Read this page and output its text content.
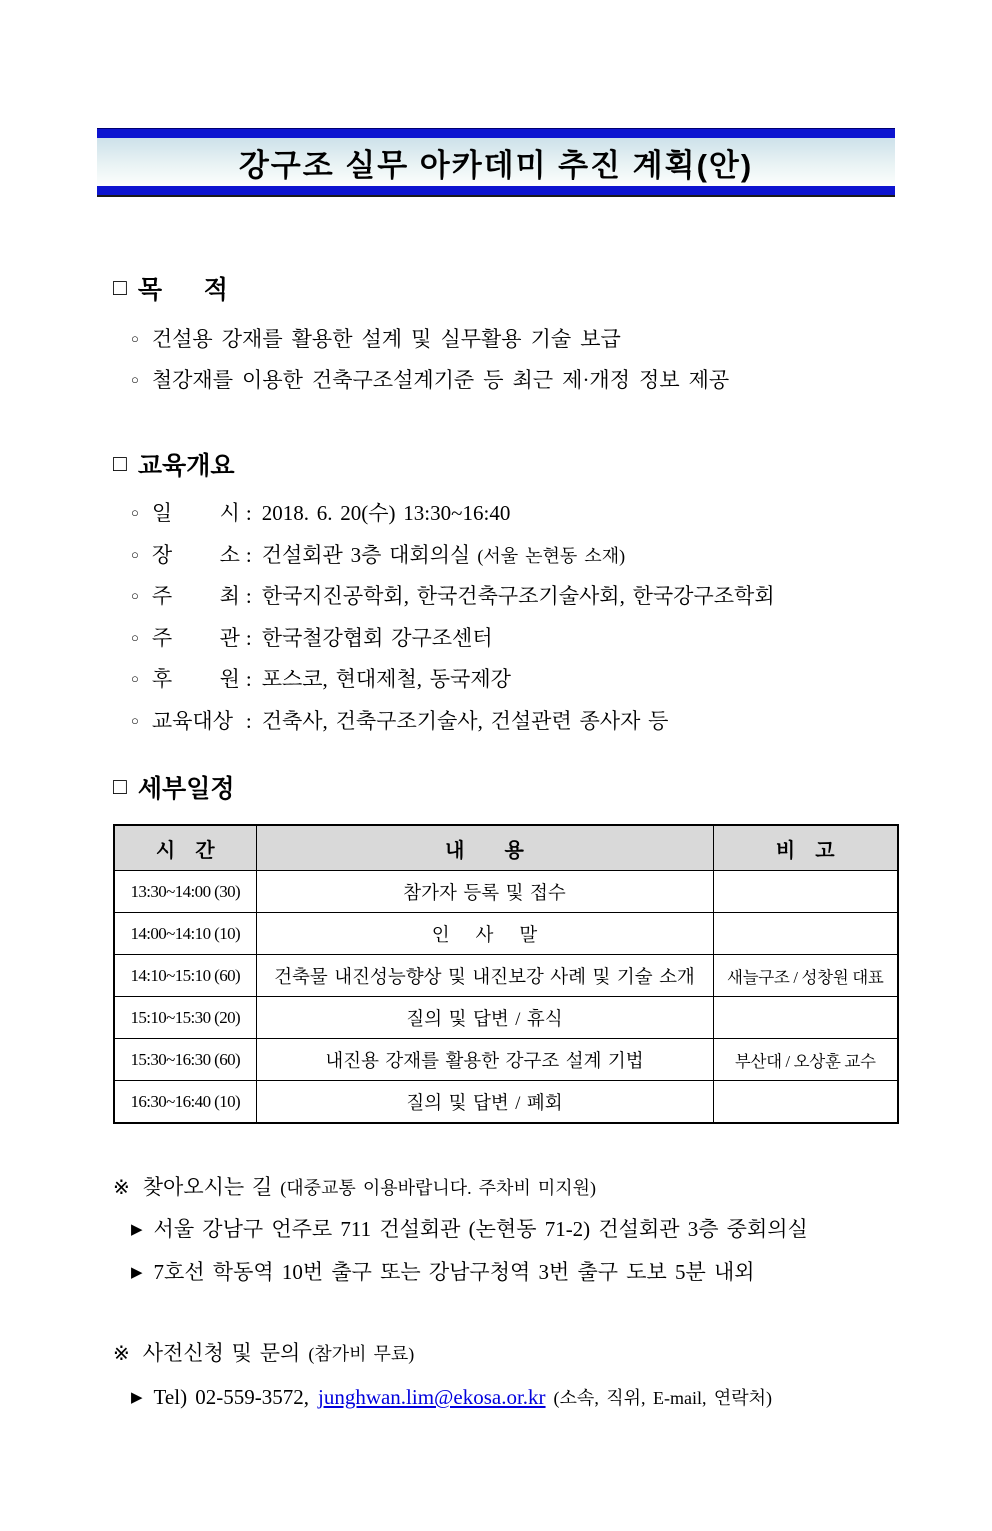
강구조 실무 아카데미 추진 계획(안)
□ 목      적
○ 건설용 강재를 활용한 설계 및 실무활용 기술 보급
○ 철강재를 이용한 건축구조설계기준 등 최근 제·개정 정보 제공
□ 교육개요
○ 일 시 : 2018. 6. 20(수) 13:30~16:40
○ 장 소 : 건설회관 3층 대회의실 (서울 논현동 소재)
○ 주 최 : 한국지진공학회, 한국건축구조기술사회, 한국강구조학회
○ 주 관 : 한국철강협회 강구조센터
○ 후 원 : 포스코, 현대제철, 동국제강
○ 교육대상 : 건축사, 건축구조기술사, 건설관련 종사자 등
□ 세부일정
시    간	내        용	비    고
13:30~14:00 (30)	참가자 등록 및 접수	
14:00~14:10 (10)	인    사    말	
14:10~15:10 (60)	건축물 내진성능향상 및 내진보강 사례 및 기술 소개	새늘구조 / 성창원 대표
15:10~15:30 (20)	질의 및 답변 / 휴식	
15:30~16:30 (60)	내진용 강재를 활용한 강구조 설계 기법	부산대 / 오상훈 교수
16:30~16:40 (10)	질의 및 답변 / 폐회	
※ 찾아오시는 길 (대중교통 이용바랍니다. 주차비 미지원)
▶ 서울 강남구 언주로 711 건설회관 (논현동 71-2) 건설회관 3층 중회의실
▶ 7호선 학동역 10번 출구 또는 강남구청역 3번 출구 도보 5분 내외
※ 사전신청 및 문의 (참가비 무료)
▶ Tel) 02-559-3572, junghwan.lim@ekosa.or.kr (소속, 직위, E-mail, 연락처)
